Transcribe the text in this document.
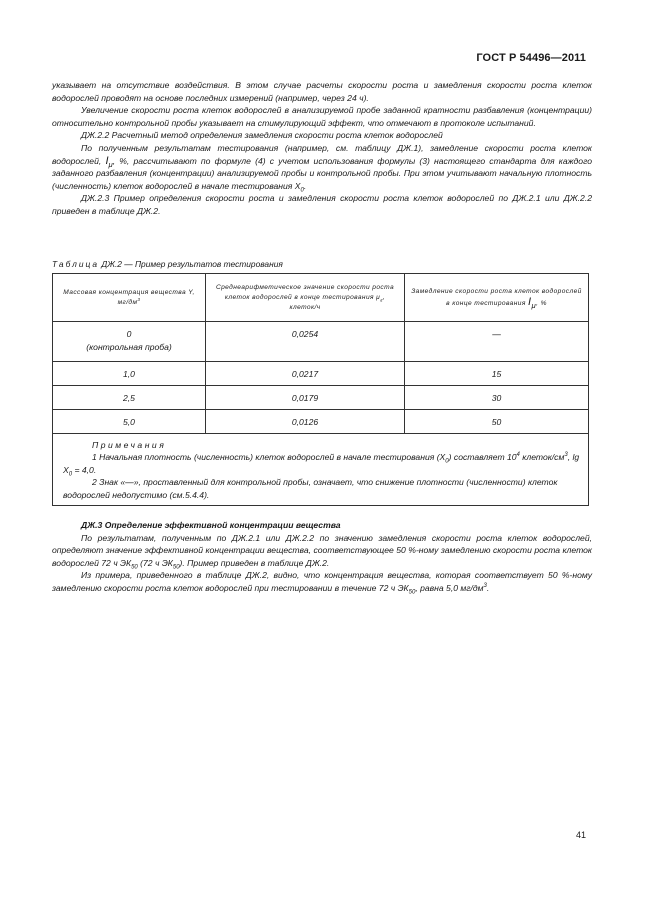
ГОСТ Р 54496—2011

указывает на отсутствие воздействия. В этом случае расчеты скорости роста и замедления скорости роста клеток водорослей проводят на основе последних измерений (например, через 24 ч).

Увеличение скорости роста клеток водорослей в анализируемой пробе заданной кратности разбавления (концентрации) относительно контрольной пробы указывает на стимулирующий эффект, что отмечают в протоколе испытаний.

ДЖ.2.2 Расчетный метод определения замедления скорости роста клеток водорослей

По полученным результатам тестирования (например, см. таблицу ДЖ.1), замедление скорости роста клеток водорослей, $I_\mu$, %, рассчитывают по формуле (4) с учетом использования формулы (3) настоящего стандарта для каждого заданного разбавления (концентрации) анализируемой пробы и контрольной пробы. При этом учитывают начальную плотность (численность) клеток водорослей в начале тестирования $X_0$.

ДЖ.2.3 Пример определения скорости роста и замедления скорости роста клеток водорослей по ДЖ.2.1 или ДЖ.2.2 приведен в таблице ДЖ.2.

Таблица ДЖ.2 — Пример результатов тестирования
Массовая концентрация вещества Y, $мг/дм^3$	Среднеарифметическое значение скорости роста клеток водорослей в конце тестирования $\mu_г$, клеток/ч	Замедление скорости роста клеток водорослей в конце тестирования $I_\mu$, %
0
(контрольная проба)	0,0254	—
1,0	0,0217	15
2,5	0,0179	30
5,0	0,0126	50

Примечания

1 Начальная плотность (численность) клеток водорослей в начале тестирования $(X_0)$ составляет $10^4$ клеток/$см^3$, $\lg X_0 = 4,0$.

2 Знак «—», проставленный для контрольной пробы, означает, что снижение плотности (численности) клеток водорослей недопустимо (см.5.4.4).		

ДЖ.3 Определение эффективной концентрации вещества

По результатам, полученным по ДЖ.2.1 или ДЖ.2.2 по значению замедления скорости роста клеток водорослей, определяют значение эффективной концентрации вещества, соответствующее 50 %-ному замедлению скорости роста клеток водорослей 72 ч $ЭК_{50}$ (72 ч $ЭК_{50}$). Пример приведен в таблице ДЖ.2.

Из примера, приведенного в таблице ДЖ.2, видно, что концентрация вещества, которая соответствует 50 %-ному замедлению скорости роста клеток водорослей при тестировании в течение 72 ч $ЭК_{50}$, равна 5,0 $мг/дм^3$.

41
